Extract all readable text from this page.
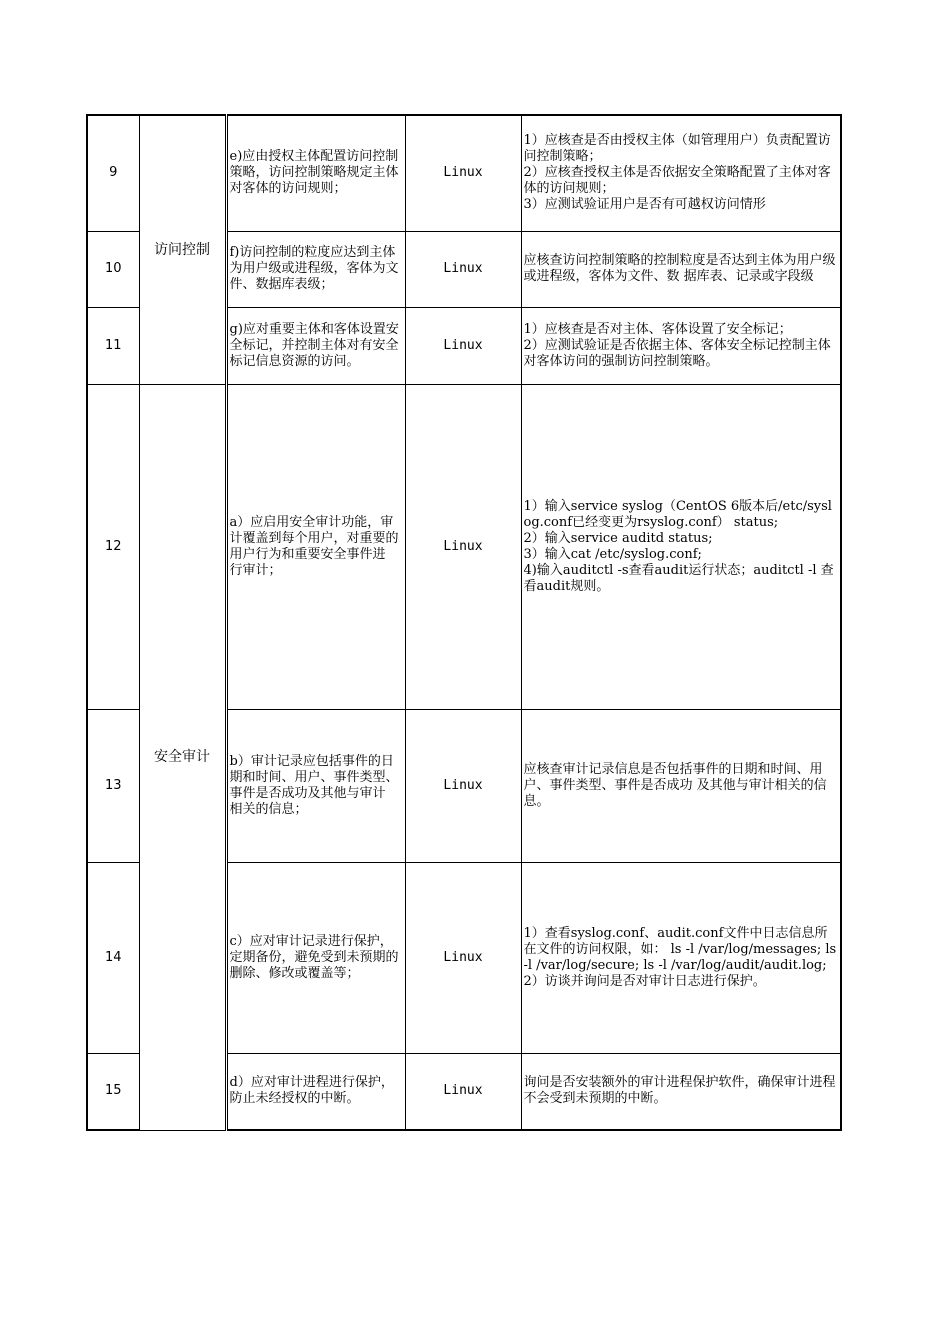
9	访问控制	e)应由授权主体配置访问控制策略，访问控制策略规定主体对客体的访问规则；	Linux	1）应核查是否由授权主体（如管理用户）负责配置访问控制策略；
2）应核查授权主体是否依据安全策略配置了主体对客体的访问规则；
3）应测试验证用户是否有可越权访问情形
10		f)访问控制的粒度应达到主体为用户级或进程级，客体为文件、数据库表级；	Linux	应核查访问控制策略的控制粒度是否达到主体为用户级或进程级，客体为文件、数 据库表、记录或字段级
11		g)应对重要主体和客体设置安全标记，并控制主体对有安全标记信息资源的访问。	Linux	1）应核查是否对主体、客体设置了安全标记；
2）应测试验证是否依据主体、客体安全标记控制主体对客体访问的强制访问控制策略。
12	安全审计	a）应启用安全审计功能，审计覆盖到每个用户，对重要的用户行为和重要安全事件进 行审计；	Linux	1）输入service syslog（CentOS 6版本后/etc/syslog.conf已经变更为rsyslog.conf） status;
2）输入service auditd status;
3）输入cat /etc/syslog.conf;
4)输入auditctl -s查看audit运行状态；auditctl -l 查看audit规则。
13		b）审计记录应包括事件的日期和时间、用户、事件类型、事件是否成功及其他与审计 相关的信息；	Linux	应核查审计记录信息是否包括事件的日期和时间、用户、事件类型、事件是否成功 及其他与审计相关的信息。
14		c）应对审计记录进行保护，定期备份，避免受到未预期的删除、修改或覆盖等；	Linux	1）查看syslog.conf、audit.conf文件中日志信息所在文件的访问权限，如： ls -l /var/log/messages; ls -l /var/log/secure; ls -l /var/log/audit/audit.log;
2）访谈并询问是否对审计日志进行保护。
15		d）应对审计进程进行保护，防止未经授权的中断。	Linux	询问是否安装额外的审计进程保护软件，确保审计进程不会受到未预期的中断。
